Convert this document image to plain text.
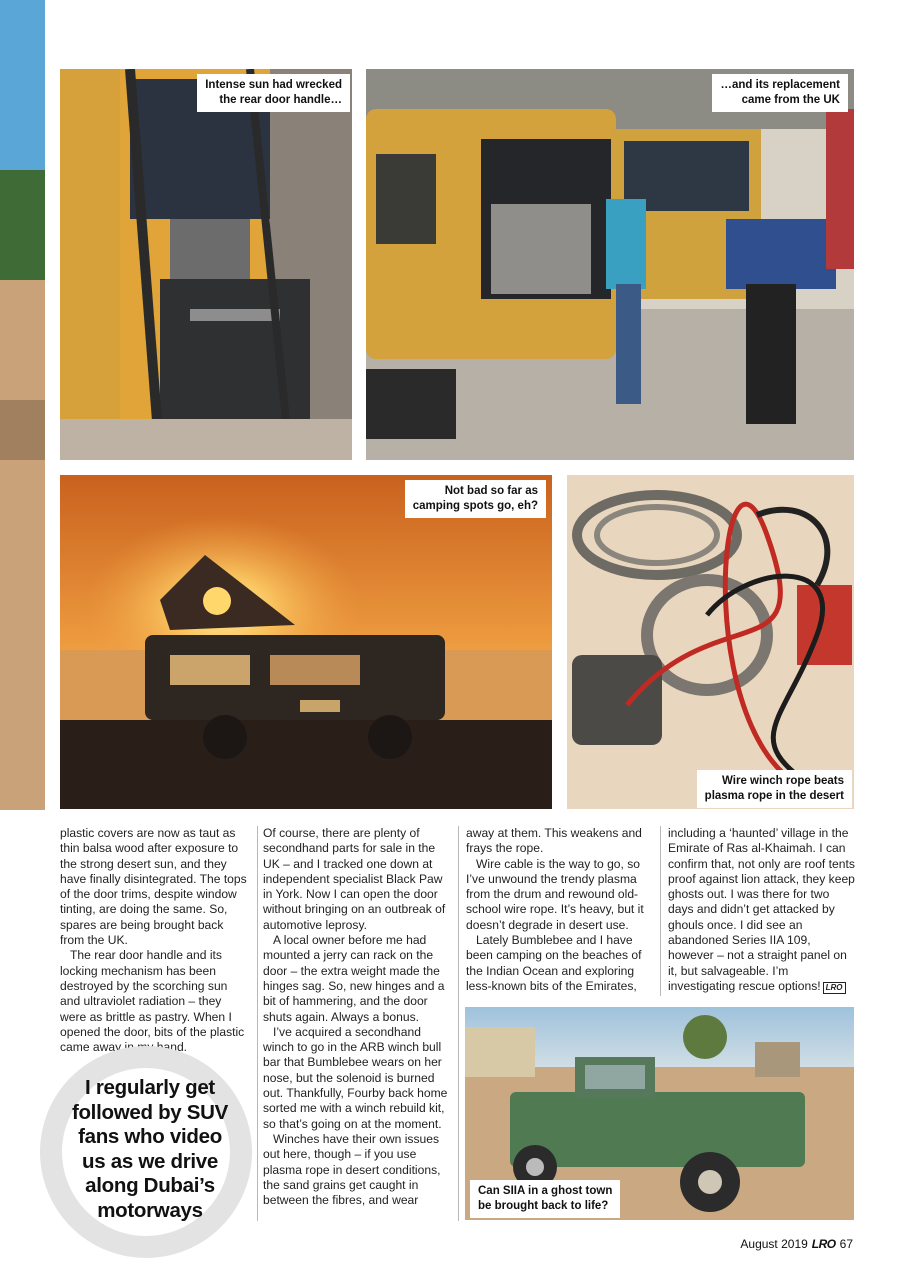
Intense sun had wrecked
the rear door handle…
…and its replacement
came from the UK
Not bad so far as
camping spots go, eh?
Wire winch rope beats
plasma rope in the desert

plastic covers are now as taut as thin balsa wood after exposure to the strong desert sun, and they have finally disintegrated. The tops of the door trims, despite window tinting, are doing the same. So, spares are being brought back from the UK.

The rear door handle and its locking mechanism has been destroyed by the scorching sun and ultraviolet radiation – they were as brittle as pastry. When I opened the door, bits of the plastic came away in my hand.

Of course, there are plenty of secondhand parts for sale in the UK – and I tracked one down at independent specialist Black Paw in York. Now I can open the door without bringing on an outbreak of automotive leprosy.

A local owner before me had mounted a jerry can rack on the door – the extra weight made the hinges sag. So, new hinges and a bit of hammering, and the door shuts again. Always a bonus.

I’ve acquired a secondhand winch to go in the ARB winch bull bar that Bumblebee wears on her nose, but the solenoid is burned out. Thankfully, Fourby back home sorted me with a winch rebuild kit, so that’s going on at the moment.

Winches have their own issues out here, though – if you use plasma rope in desert conditions, the sand grains get caught in between the fibres, and wear

away at them. This weakens and frays the rope.

Wire cable is the way to go, so I’ve unwound the trendy plasma from the drum and rewound old-school wire rope. It’s heavy, but it doesn’t degrade in desert use.

Lately Bumblebee and I have been camping on the beaches of the Indian Ocean and exploring less-known bits of the Emirates,

including a ‘haunted’ village in the Emirate of Ras al-Khaimah. I can confirm that, not only are roof tents proof against lion attack, they keep ghosts out. I was there for two days and didn’t get attacked by ghouls once. I did see an abandoned Series IIA 109, however – not a straight panel on it, but salvageable. I’m investigating rescue options! LRO

I regularly get
followed by SUV
fans who video
us as we drive
along Dubai’s
motorways
Can SIIA in a ghost town
be brought back to life?
August 2019 LRO 67
